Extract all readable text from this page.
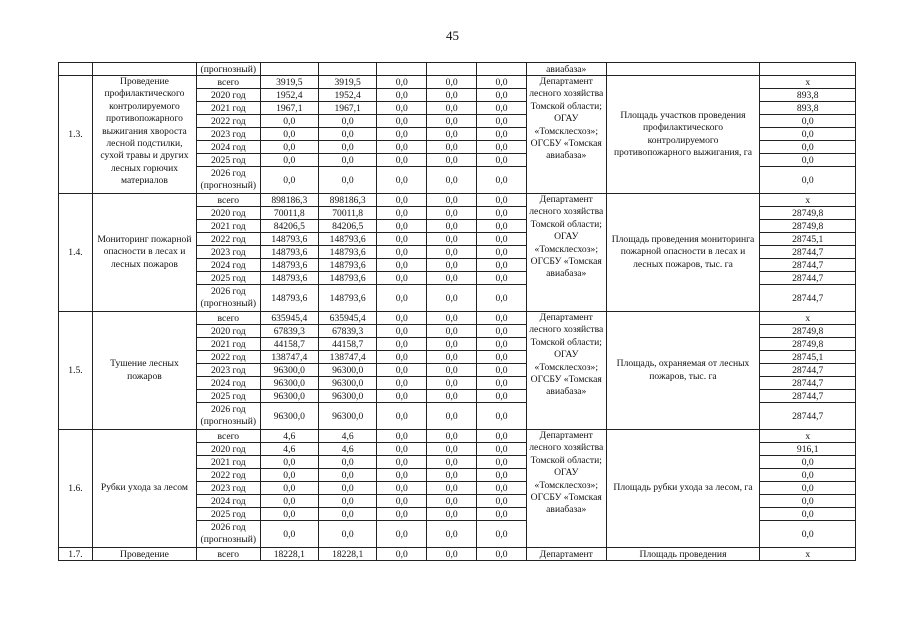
45
		(прогнозный)						авиабаза»		
1.3.	Проведение профилактического контролируемого противопожарного выжигания хвороста лесной подстилки, сухой травы и других лесных горючих материалов	всего	3919,5	3919,5	0,0	0,0	0,0	Департамент лесного хозяйства Томской области; ОГАУ «Томсклесхоз»; ОГСБУ «Томская авиабаза»	Площадь участков проведения профилактического контролируемого противопожарного выжигания, га	x
		2020 год	1952,4	1952,4	0,0	0,0	0,0			893,8
		2021 год	1967,1	1967,1	0,0	0,0	0,0			893,8
		2022 год	0,0	0,0	0,0	0,0	0,0			0,0
		2023 год	0,0	0,0	0,0	0,0	0,0			0,0
		2024 год	0,0	0,0	0,0	0,0	0,0			0,0
		2025 год	0,0	0,0	0,0	0,0	0,0			0,0
		2026 год (прогнозный)	0,0	0,0	0,0	0,0	0,0			0,0
1.4.	Мониторинг пожарной опасности в лесах и лесных пожаров	всего	898186,3	898186,3	0,0	0,0	0,0	Департамент лесного хозяйства Томской области; ОГАУ «Томсклесхоз»; ОГСБУ «Томская авиабаза»	Площадь проведения мониторинга пожарной опасности в лесах и лесных пожаров, тыс. га	x
		2020 год	70011,8	70011,8	0,0	0,0	0,0			28749,8
		2021 год	84206,5	84206,5	0,0	0,0	0,0			28749,8
		2022 год	148793,6	148793,6	0,0	0,0	0,0			28745,1
		2023 год	148793,6	148793,6	0,0	0,0	0,0			28744,7
		2024 год	148793,6	148793,6	0,0	0,0	0,0			28744,7
		2025 год	148793,6	148793,6	0,0	0,0	0,0			28744,7
		2026 год (прогнозный)	148793,6	148793,6	0,0	0,0	0,0			28744,7
1.5.	Тушение лесных пожаров	всего	635945,4	635945,4	0,0	0,0	0,0	Департамент лесного хозяйства Томской области; ОГАУ «Томсклесхоз»; ОГСБУ «Томская авиабаза»	Площадь, охраняемая от лесных пожаров, тыс. га	x
		2020 год	67839,3	67839,3	0,0	0,0	0,0			28749,8
		2021 год	44158,7	44158,7	0,0	0,0	0,0			28749,8
		2022 год	138747,4	138747,4	0,0	0,0	0,0			28745,1
		2023 год	96300,0	96300,0	0,0	0,0	0,0			28744,7
		2024 год	96300,0	96300,0	0,0	0,0	0,0			28744,7
		2025 год	96300,0	96300,0	0,0	0,0	0,0			28744,7
		2026 год (прогнозный)	96300,0	96300,0	0,0	0,0	0,0			28744,7
1.6.	Рубки ухода за лесом	всего	4,6	4,6	0,0	0,0	0,0	Департамент лесного хозяйства Томской области; ОГАУ «Томсклесхоз»; ОГСБУ «Томская авиабаза»	Площадь рубки ухода за лесом, га	x
		2020 год	4,6	4,6	0,0	0,0	0,0			916,1
		2021 год	0,0	0,0	0,0	0,0	0,0			0,0
		2022 год	0,0	0,0	0,0	0,0	0,0			0,0
		2023 год	0,0	0,0	0,0	0,0	0,0			0,0
		2024 год	0,0	0,0	0,0	0,0	0,0			0,0
		2025 год	0,0	0,0	0,0	0,0	0,0			0,0
		2026 год (прогнозный)	0,0	0,0	0,0	0,0	0,0			0,0
1.7.	Проведение	всего	18228,1	18228,1	0,0	0,0	0,0	Департамент	Площадь проведения	x
